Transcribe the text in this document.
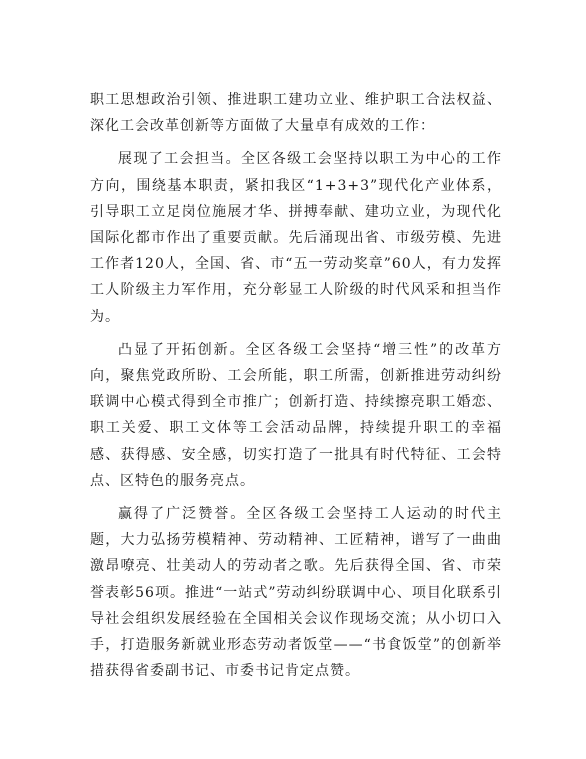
职工思想政治引领、推进职工建功立业、维护职工合法权益、深化工会改革创新等方面做了大量卓有成效的工作：

展现了工会担当。全区各级工会坚持以职工为中心的工作方向，围绕基本职责，紧扣我区“1+3+3”现代化产业体系，引导职工立足岗位施展才华、拼搏奉献、建功立业，为现代化国际化都市作出了重要贡献。先后涌现出省、市级劳模、先进工作者120人，全国、省、市“五一劳动奖章”60人，有力发挥工人阶级主力军作用，充分彰显工人阶级的时代风采和担当作为。

凸显了开拓创新。全区各级工会坚持“增三性”的改革方向，聚焦党政所盼、工会所能，职工所需，创新推进劳动纠纷联调中心模式得到全市推广；创新打造、持续擦亮职工婚恋、职工关爱、职工文体等工会活动品牌，持续提升职工的幸福感、获得感、安全感，切实打造了一批具有时代特征、工会特点、区特色的服务亮点。

赢得了广泛赞誉。全区各级工会坚持工人运动的时代主题，大力弘扬劳模精神、劳动精神、工匠精神，谱写了一曲曲激昂嘹亮、壮美动人的劳动者之歌。先后获得全国、省、市荣誉表彰56项。推进“一站式”劳动纠纷联调中心、项目化联系引导社会组织发展经验在全国相关会议作现场交流；从小切口入手，打造服务新就业形态劳动者饭堂——“书食饭堂”的创新举措获得省委副书记、市委书记肯定点赞。
